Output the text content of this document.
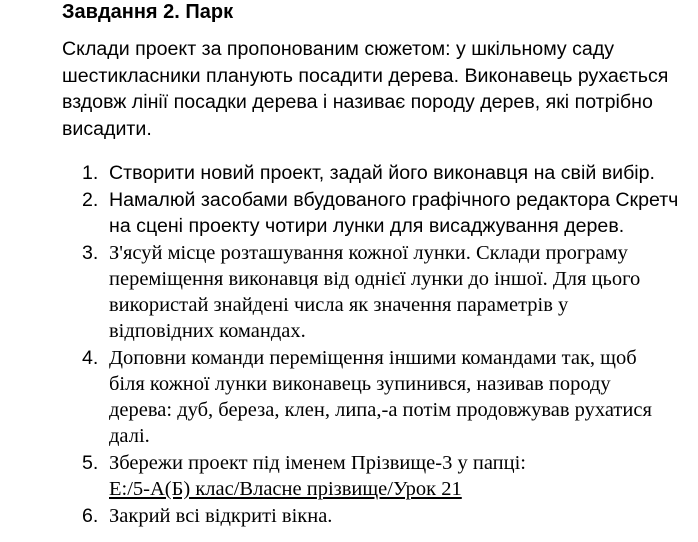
Завдання 2. Парк

Склади проект за пропонованим сюжетом: у шкільному саду
шестикласники планують посадити дерева. Виконавець рухається
вздовж лінії посадки дерева і називає породу дерев, які потрібно
висадити.

1. Створити новий проект, задай його виконавця на свій вибір.
2. Намалюй засобами вбудованого графічного редактора Скретч
на сцені проекту чотири лунки для висаджування дерев.
3. З'ясуй місце розташування кожної лунки. Склади програму
переміщення виконавця від однієї лунки до іншої. Для цього
використай знайдені числа як значення параметрів у
відповідних командах.
4. Доповни команди переміщення іншими командами так, щоб
біля кожної лунки виконавець зупинився, називав породу
дерева: дуб, береза, клен, липа,-а потім продовжував рухатися
далі.
5. Збережи проект під іменем Прізвище-3 у папці:
E:/5-А(Б) клас/Власне прізвище/Урок 21
6. Закрий всі відкриті вікна.
